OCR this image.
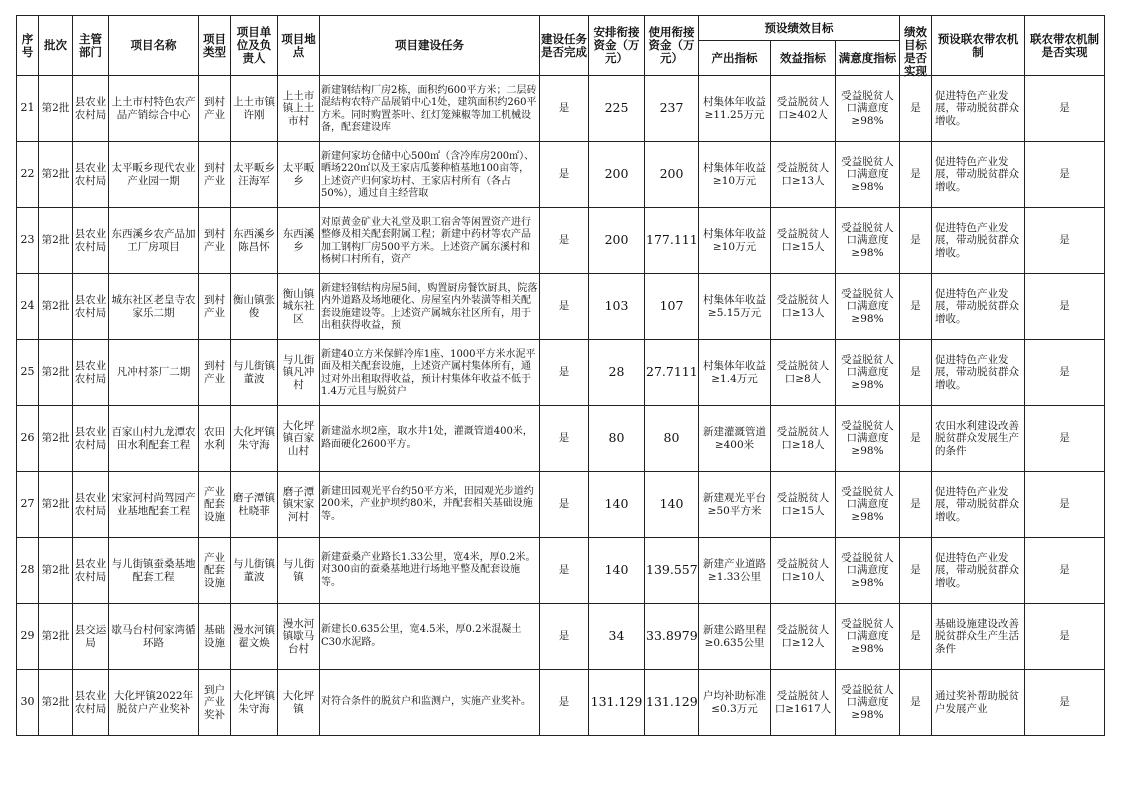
序号	批次	主管部门	项目名称	项目类型	项目单位及负责人	项目地点	项目建设任务	建设任务是否完成	安排衔接资金（万元）	使用衔接资金（万元）	预设绩效目标			绩效目标是否实现	预设联农带农机制	联农带农机制是否实现

											产出指标	效益指标	满意度指标			

21	第2批	县农业农村局	上土市村特色农产品产销综合中心	到村产业	上土市镇许刚	上土市镇上土市村	新建钢结构厂房2栋，面积约600平方米；二层砖混结构农特产品展销中心1处，建筑面积约260平方米。同时购置茶叶、红灯笼辣椒等加工机械设备，配套建设库	是	225	237	村集体年收益≥11.25万元	受益脱贫人口≥402人	受益脱贫人口满意度≥98%	是	促进特色产业发展，带动脱贫群众增收。	是
22	第2批	县农业农村局	太平畈乡现代农业产业园一期	到村产业	太平畈乡汪海军	太平畈乡	新建何家坊仓储中心500㎡（含冷库房200㎡）、晒场220㎡以及王家店瓜蒌种植基地100亩等，上述资产归何家坊村、王家店村所有（各占50%），通过自主经营取	是	200	200	村集体年收益≥10万元	受益脱贫人口≥13人	受益脱贫人口满意度≥98%	是	促进特色产业发展，带动脱贫群众增收。	是
23	第2批	县农业农村局	东西溪乡农产品加工厂房项目	到村产业	东西溪乡陈昌怀	东西溪乡	对原黄金矿业大礼堂及职工宿舍等闲置资产进行整修及相关配套附属工程；新建中药材等农产品加工钢构厂房500平方米。上述资产属东溪村和杨树口村所有，资产	是	200	177.111	村集体年收益≥10万元	受益脱贫人口≥15人	受益脱贫人口满意度≥98%	是	促进特色产业发展，带动脱贫群众增收。	是
24	第2批	县农业农村局	城东社区老皇寺农家乐二期	到村产业	衡山镇张俊	衡山镇城东社区	新建轻钢结构房屋5间，购置厨房餐饮厨具，院落内外道路及场地硬化、房屋室内外装潢等相关配套设施建设等。上述资产属城东社区所有，用于出租获得收益，预	是	103	107	村集体年收益≥5.15万元	受益脱贫人口≥13人	受益脱贫人口满意度≥98%	是	促进特色产业发展，带动脱贫群众增收。	是
25	第2批	县农业农村局	凡冲村茶厂二期	到村产业	与儿街镇董波	与儿街镇凡冲村	新建40立方米保鲜冷库1座、1000平方米水泥平面及相关配套设施，上述资产属村集体所有，通过对外出租取得收益，预计村集体年收益不低于1.4万元且与脱贫户	是	28	27.7111	村集体年收益≥1.4万元	受益脱贫人口≥8人	受益脱贫人口满意度≥98%	是	促进特色产业发展，带动脱贫群众增收。	是
26	第2批	县农业农村局	百家山村九龙潭农田水利配套工程	农田水利	大化坪镇朱守海	大化坪镇百家山村	新建溢水坝2座，取水井1处，灌溉管道400米，路面硬化2600平方。	是	80	80	新建灌溉管道≥400米	受益脱贫人口≥18人	受益脱贫人口满意度≥98%	是	农田水利建设改善脱贫群众发展生产的条件	是
27	第2批	县农业农村局	宋家河村尚驾园产业基地配套工程	产业配套设施	磨子潭镇杜晓菲	磨子潭镇宋家河村	新建田园观光平台约50平方米，田园观光步道约200米，产业护坝约80米，并配套相关基础设施等。	是	140	140	新建观光平台≥50平方米	受益脱贫人口≥15人	受益脱贫人口满意度≥98%	是	促进特色产业发展，带动脱贫群众增收。	是
28	第2批	县农业农村局	与儿街镇蚕桑基地配套工程	产业配套设施	与儿街镇董波	与儿街镇	新建蚕桑产业路长1.33公里，宽4米，厚0.2米。对300亩的蚕桑基地进行场地平整及配套设施等。	是	140	139.557	新建产业道路≥1.33公里	受益脱贫人口≥10人	受益脱贫人口满意度≥98%	是	促进特色产业发展，带动脱贫群众增收。	是
29	第2批	县交运局	歇马台村何家湾循环路	基础设施	漫水河镇翟文焕	漫水河镇歇马台村	新建长0.635公里，宽4.5米，厚0.2米混凝土C30水泥路。	是	34	33.8979	新建公路里程≥0.635公里	受益脱贫人口≥12人	受益脱贫人口满意度≥98%	是	基础设施建设改善脱贫群众生产生活条件	是
30	第2批	县农业农村局	大化坪镇2022年脱贫户产业奖补	到户产业奖补	大化坪镇朱守海	大化坪镇	对符合条件的脱贫户和监测户，实施产业奖补。	是	131.129	131.129	户均补助标准≤0.3万元	受益脱贫人口≥1617人	受益脱贫人口满意度≥98%	是	通过奖补帮助脱贫户发展产业	是
